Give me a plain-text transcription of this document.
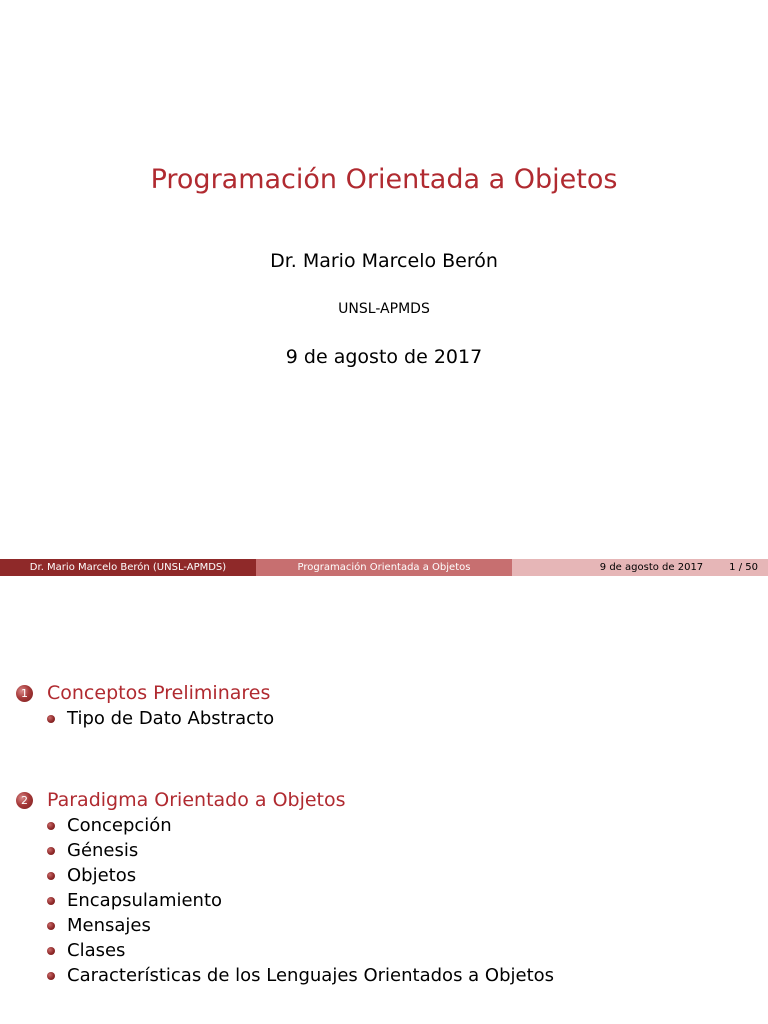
Programación Orientada a Objetos
Dr. Mario Marcelo Berón
UNSL-APMDS
9 de agosto de 2017
Dr. Mario Marcelo Berón (UNSL-APMDS)	Programación Orientada a Objetos	9 de agosto de 2017	1 / 50
1 Conceptos Preliminares
Tipo de Dato Abstracto
2 Paradigma Orientado a Objetos
Concepción
Génesis
Objetos
Encapsulamiento
Mensajes
Clases
Características de los Lenguajes Orientados a Objetos
